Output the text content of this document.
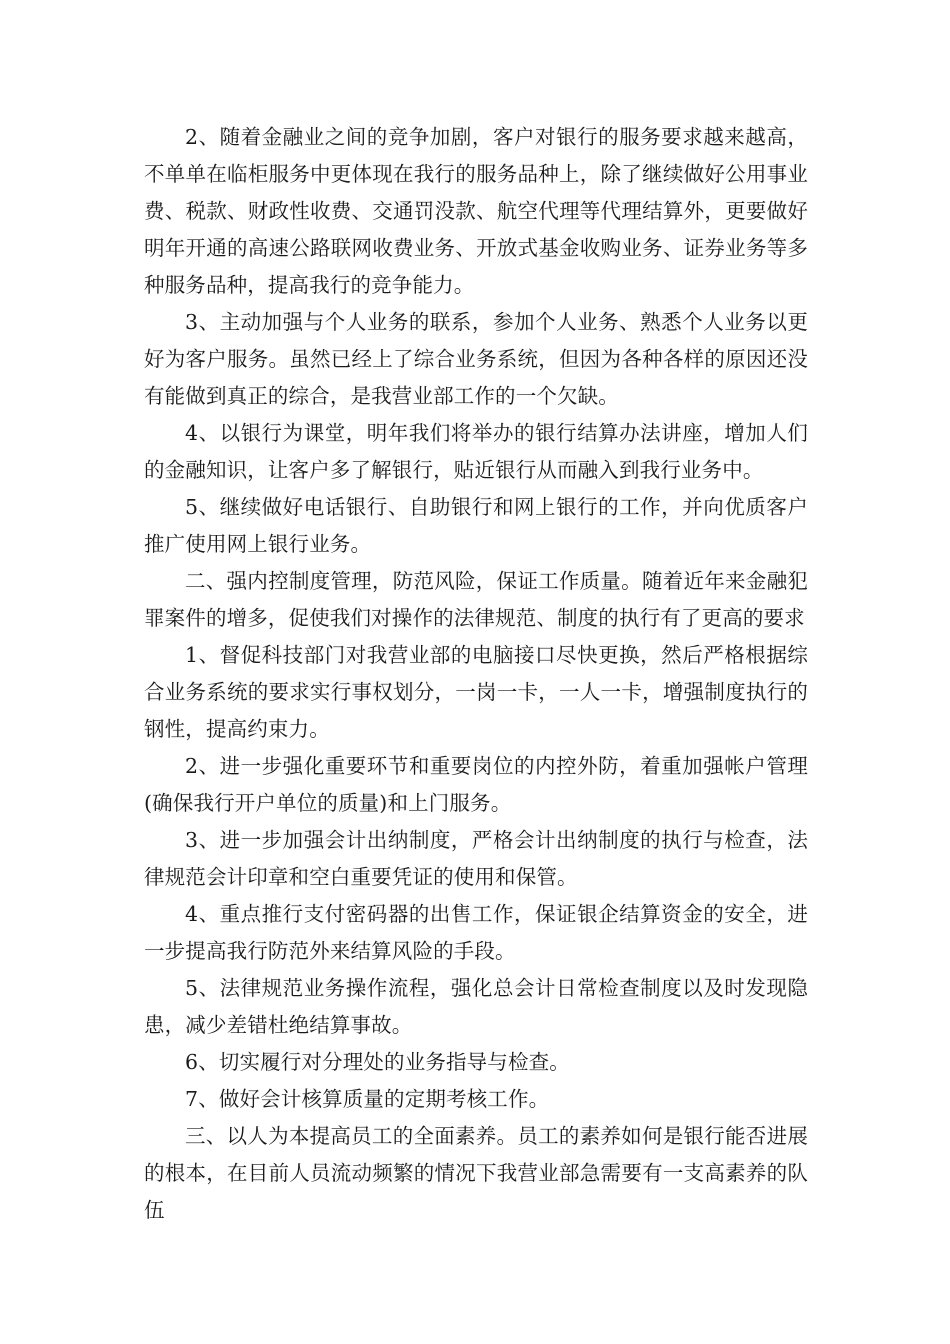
2、随着金融业之间的竞争加剧，客户对银行的服务要求越来越高，不单单在临柜服务中更体现在我行的服务品种上，除了继续做好公用事业费、税款、财政性收费、交通罚没款、航空代理等代理结算外，更要做好明年开通的高速公路联网收费业务、开放式基金收购业务、证券业务等多种服务品种，提高我行的竞争能力。

3、主动加强与个人业务的联系，参加个人业务、熟悉个人业务以更好为客户服务。虽然已经上了综合业务系统，但因为各种各样的原因还没有能做到真正的综合，是我营业部工作的一个欠缺。

4、以银行为课堂，明年我们将举办的银行结算办法讲座，增加人们的金融知识，让客户多了解银行，贴近银行从而融入到我行业务中。

5、继续做好电话银行、自助银行和网上银行的工作，并向优质客户推广使用网上银行业务。

二、强内控制度管理，防范风险，保证工作质量。随着近年来金融犯罪案件的增多，促使我们对操作的法律规范、制度的执行有了更高的要求

1、督促科技部门对我营业部的电脑接口尽快更换，然后严格根据综合业务系统的要求实行事权划分，一岗一卡，一人一卡，增强制度执行的钢性，提高约束力。

2、进一步强化重要环节和重要岗位的内控外防，着重加强帐户管理(确保我行开户单位的质量)和上门服务。

3、进一步加强会计出纳制度，严格会计出纳制度的执行与检查，法律规范会计印章和空白重要凭证的使用和保管。

4、重点推行支付密码器的出售工作，保证银企结算资金的安全，进一步提高我行防范外来结算风险的手段。

5、法律规范业务操作流程，强化总会计日常检查制度以及时发现隐患，减少差错杜绝结算事故。

6、切实履行对分理处的业务指导与检查。

7、做好会计核算质量的定期考核工作。

三、以人为本提高员工的全面素养。员工的素养如何是银行能否进展的根本，在目前人员流动频繁的情况下我营业部急需要有一支高素养的队伍
